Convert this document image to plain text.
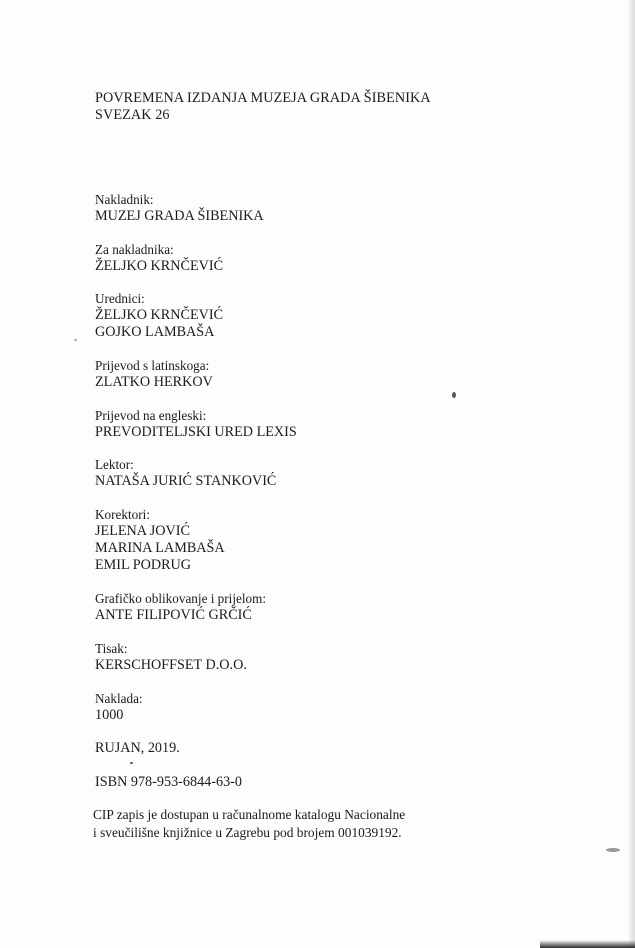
POVREMENA IZDANJA MUZEJA GRADA ŠIBENIKA
SVEZAK 26
Nakladnik:
MUZEJ GRADA ŠIBENIKA
Za nakladnika:
ŽELJKO KRNČEVIĆ
Urednici:
ŽELJKO KRNČEVIĆ
GOJKO LAMBAŠA
Prijevod s latinskoga:
ZLATKO HERKOV
Prijevod na engleski:
PREVODITELJSKI URED LEXIS
Lektor:
NATAŠA JURIĆ STANKOVIĆ
Korektori:
JELENA JOVIĆ
MARINA LAMBAŠA
EMIL PODRUG
Grafičko oblikovanje i prijelom:
ANTE FILIPOVIĆ GRČIĆ
Tisak:
KERSCHOFFSET D.O.O.
Naklada:
1000
RUJAN, 2019.
ISBN 978-953-6844-63-0
CIP zapis je dostupan u računalnome katalogu Nacionalne
i sveučilišne knjižnice u Zagrebu pod brojem 001039192.
